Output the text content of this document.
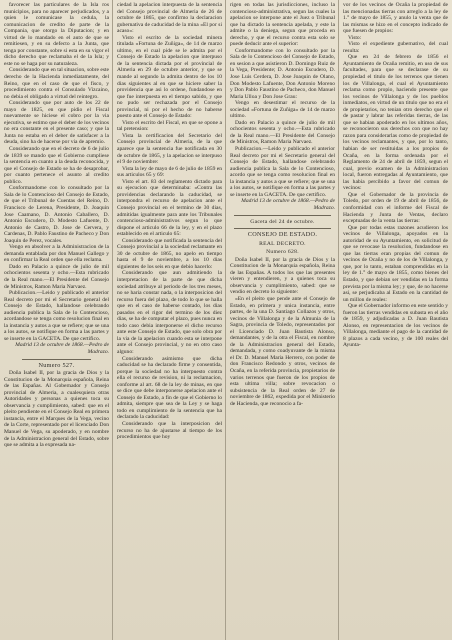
favorecer las particulares de la Isla ros municipios, para no aparecer perjudicados, y a quien le comunicase la cedula, la comunicacion de credito de parte de la Compania, que otorgo la Diputacion; y en virtud de lo mandado en el auto de que se remitiesen, y en su defecto a la Junta, que tenga por constante, sobre si esta en su vigor el dicho derecho que reclamaba el de la Isla; y este no se haga por su naturaleza.

Considerando que en tal situacion, sobre este derecho de la Hacienda inmediatamente, del Reino, que en el caso de que el fisco, y procedimiento contra el Consulado Vizcaino, no debia el obligado a virtud del reintegro.

Considerando que por auto de los 22 de mayo de 1825, en que pidio el Fiscal nuevamente se hiciese el cobro por la via ejecutiva, se estimo que el deber de los vecinos no era constante en el presente caso; y que la Junta no estaba en el deber de satisfacer a la deuda, sino ha de hacerse por via de apremio.

Considerando que en el decreto de 6 de julio de 1839 se mando que el Gobierno cumpliese la sentencia en cuanto a la deuda reconocida, y que el Consejo de Estado se ha de desaprobar, por cuanto pertenece el asunto al credito publico.

Conformandome con lo consultado por la Sala de lo Contencioso del Consejo de Estado, de que el Tribunal de Cuentas del Reino, D. Francisco de Lerena, Presidente, D. Joaquin Jose Caamano, D. Antonio Caballero, D. Antonio Escudero, D. Modesto Lafuente, D. Antonio de Castro, D. Jose de Cervera, y Cardenas, D. Pablo Faustino de Pacheco y Don Joaquin de Perez, vocales.

Vengo en absolver a la Administracion de la demanda entablada por don Manuel Gallego y en confirmar la Real orden que ella reclama.

Dado en Palacio a quince de julio de mil ochocientos sesenta y ocho.—Esta rubricado de la Real mano.—El Presidente del Consejo de Ministros, Ramon Maria Narvaez.

Publicacion.—Leido y publicado el anterior Real decreto por mi el Secretario general del Consejo de Estado, hallandose celebrando audiencia publica la Sala de lo Contencioso, acordandose se tenga como resolucion final en la instancia y autos a que se refiere; que se una a los autos, se notifique en forma a las partes y se inserte en la GACETA. De que certifico.

Madrid 13 de octubre de 1868.—Pedro de Madrazo.

Numero 527.

Doña Isabel II, por la gracia de Dios y la Constitucion de la Monarquia española, Reina de las Españas. Al Gobernador y Consejo provincial de Almeria, a cualesquiera otras Autoridades y personas a quienes toca su observancia y cumplimiento, sabed: que en el pleito pendiente en el Consejo Real en primera instancia, entre el Marques de la Vega, vecino de la Corte, representado por el licenciado Don Manuel de Vega, su apoderado, y en nombre de la Administracion general del Estado, sobre que se admita a la expresada na-

ciedad la apelacion interpuesta de la sentencia del Consejo provincial de Almeria de 26 de octubre de 1865, que confirmo la declaracion gubernativa de caducidad de la mina «El por si acaso»:

Visto el escrito de la sociedad minera titulada «Fortuna de Zuñiga», de 14 de marzo ultimo, en el cual pide se le admita por el Consejo de Estado la apelacion que interpuso de la sentencia dictada por el provincial de Almeria en 29 de octubre anterior, y que se mande al segundo la admita dentro de los 10 dias siguientes al en que se hiciere saber la providencia que asi lo ordene, fundandose en que fue interpuesta en el tiempo sabido, y que no pudo ser rechazada por el Consejo provincial, ni por el hecho de no haberse puesto ante el Consejo de Estado:

Visto el escrito del Fiscal, en que se opone a tal pretension:

Vista la certificacion del Secretario del Consejo provincial de Almeria, de la que aparece que la sentencia fue notificada en 30 de octubre de 1865, y la apelacion se interpuso el 9 de noviembre:

Vista la ley de mayo de 6 de julio de 1859 en sus articulos 65 y 69:

Visto el art. 83 del reglamento dictado para su ejecucion que determinaba: «Contra las providencias declarando la caducidad, se interpondra el recurso de apelacion ante el Consejo provincial en el termino de 30 dias, admitidas igualmente para ante los Tribunales contencioso-administrativos segun lo que dispone el articulo 66 de la ley, y en el plazo establecido en el articulo 65:

Considerando que notificada la sentencia del Consejo provincial a la sociedad reclamante en 30 de octubre de 1865, no apelo en tiempo hasta el 9 de noviembre, a los 10 dias siguientes de los seis en que debio hacerlo:

Considerando que aun admitiendo la interpretacion de la parte de que dicha sociedad atribuye al periodo de los tres meses, no se haria constar nada, o la interposicion del recurso fuera del plazo, de todo lo que se halla que en el caso de haberse contado, los dias pasados en el rigor del termino de los diez dias, se ha de computar el plazo, pues nunca en todo caso debia interponerse el dicho recurso ante este Consejo de Estado, que solo obra por la via de la apelacion cuando esta se interpone ante el Consejo provincial, y no en otro caso alguno:

Considerando asimismo que dicha caducidad se ha declarado firme y consentida, porque la sociedad no ha interpuesto contra ella el recurso de revision, ni la reclamacion, conforme al art. 68 de la ley de minas, en que se dice que debe interponerse apelacion ante el Consejo de Estado, a fin de que el Gobierno lo admita, siempre que sea de la Ley y se haga todo en cumplimiento de la sentencia que ha declarado la caducidad:

Considerando que la interposicion del recurso no ha de ajustarse al tiempo de los procedimientos que hoy

rigen en todas las jurisdicciones, incluso la contencioso-administrativa, segun las cuales la apelacion se interpone ante el Juez o Tribunal que ha dictado la sentencia apelada, y este la admite o la deniega, segun que proceda en derecho, y que el recurso contra esta solo se puede deducir ante el superior:

Conformandome con lo consultado por la Sala de lo Contencioso del Consejo de Estado, en sesion a que asistieron D. Domingo Ruiz de la Vega, Presidente; D. Antonio Escudero, D. Jose Luis Cerdera, D. Jose Joaquin de Olano, Don Modesto Lafuente, Don Antonio Moreno y Don Pablo Faustino de Pacheco, don Manuel Maria Ulloa y Don Jose Grau:

Vengo en desestimar el recurso de la sociedad «Fortuna de Zuñiga» de 14 de marzo ultimo.

Dado en Palacio a quince de julio de mil ochocientos sesenta y ocho.—Esta rubricado de la Real mano.—El Presidente del Consejo de Ministros, Ramon Maria Narvaez.

Publicacion.—Leido y publicado el anterior Real decreto por mi el Secretario general del Consejo de Estado, hallandose celebrando audiencia publica la Sala de lo Contencioso, acordo que se tenga como resolucion final en la instancia y autos a que se refiere; que se una a los autos, se notifique en forma a las partes y se inserte en la GACETA. De que certifico.

Madrid 13 de octubre de 1868.—Pedro de Madrazo.

Gaceta del 24 de octubre.
CONSEJO DE ESTADO.
REAL DECRETO.
Numero 628.

Doña Isabel II, por la gracia de Dios y la Constitucion de la Monarquia española, Reina de las Españas. A todos los que las presentes vieren y entendieren, y a quienes toca su observancia y cumplimiento, sabed: que se vendio en decreto lo siguiente:

«En el pleito que pende ante el Consejo de Estado, en primera y unica instancia, entre partes, de la una D. Santiago Collazos y otros, vecinos de Villalonga y de la Almunia de la Sagra, provincia de Toledo, representados por el Licenciado D. Juan Bautista Alonso, demandantes, y de la otra el Fiscal, en nombre de la Administracion general del Estado, demandada, y como coadyuvante de la misma el Dr. D. Manuel Maria Herrero, con poder de don Francisco Redondo y otros, vecinos de Ocaña, en la referida provincia, propietarios de varios terrenos que fueron de los propios de esta ultima villa; sobre revocacion o subsistencia de la Real orden de 27 de noviembre de 1862, expedida por el Ministerio de Hacienda, que reconocio a fa-

vor de los vecinos de Ocaña la propiedad de las mencionadas tierras con arreglo a la ley de 1.° de mayo de 1855, y anulo la venta que de las mismas se hizo en el concepto indicado de que fuesen de propios:

Visto:

Visto el expediente gubernativo, del cual resulta:

Que en 24 de febrero de 1856 el Ayuntamiento de Ocaña remitio, en uso de sus facultades, para que se declarase de su propiedad el titulo de los terrenos que tienen los de Villalonga, el cual el Ayuntamiento reclama como propio, haciendo presente que los vecinos de Villalonga y de los pueblos inmediatos, en virtud de un titulo que no era el de propietarios, no tenian otro derecho que el de pastar y labrar las referidas tierras, de las que se habian apoderado en los ultimos años, se reconocieron sus derechos con que no hay razon para considerarlas como de propiedad de los vecinos reclamantes, y que, por lo tanto, habian de ser restituidas a los propios de Ocaña, en la forma ordenada por el Reglamento de 24 de abril de 1859, segun el cual, previo examen de la Administracion local, fueron entregadas al Ayuntamiento, que las habia percibido a favor del comun de vecinos:

Que el Gobernador de la provincia de Toledo, por orden de 19 de abril de 1856, de conformidad con el informe del Fiscal de Hacienda y Junta de Ventas, declaro exceptuadas de la venta las tierras:

Que por todas estas razones acudieron los vecinos de Villalonga, apoyados en la autoridad de su Ayuntamiento, en solicitud de que se revocase la resolucion, fundandose en que las tierras eran propias del comun de vecinos de Ocaña y no de los de Villalonga, y que, por lo tanto, estaban comprendidas en la ley de 1.° de mayo de 1855, como bienes del Estado, y que debian ser vendidas en la forma prevista por la misma ley; y que, de no hacerse asi, se perjudicaba al Estado en la cantidad de un millon de reales:

Que el Gobernador informo en este sentido y fueron las tierras vendidas en subasta en el año de 1859, y adjudicadas a D. Juan Bautista Alonso, en representacion de los vecinos de Villalonga, mediante el pago de la cantidad de 8 plazos a cada vecino, y de 100 reales del Ayunta-
